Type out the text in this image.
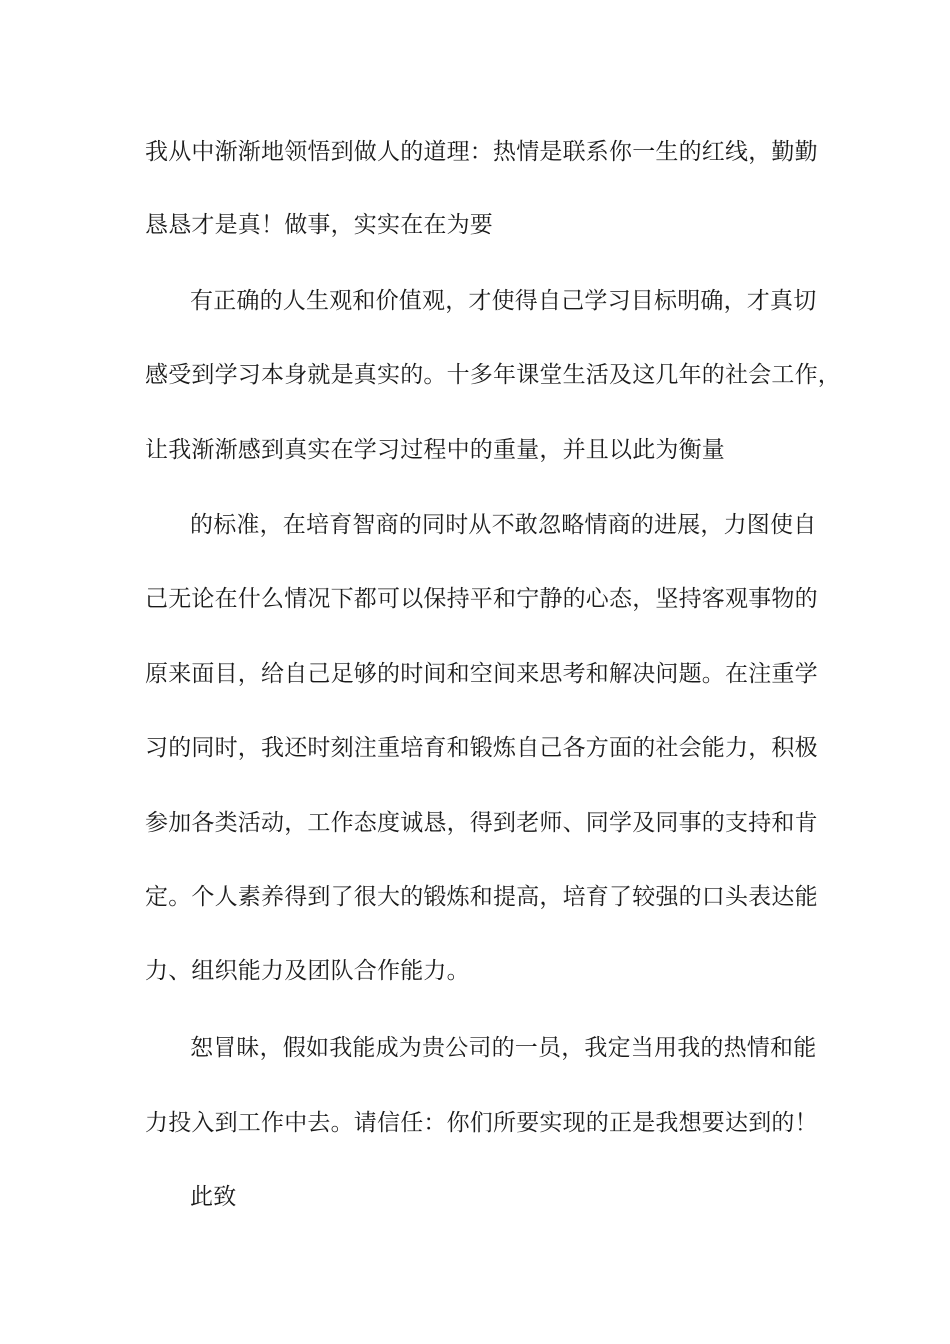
我从中渐渐地领悟到做人的道理：热情是联系你一生的红线，勤勤
恳恳才是真！做事，实实在在为要
有正确的人生观和价值观，才使得自己学习目标明确，才真切
感受到学习本身就是真实的。十多年课堂生活及这几年的社会工作，
让我渐渐感到真实在学习过程中的重量，并且以此为衡量
的标准，在培育智商的同时从不敢忽略情商的进展，力图使自
己无论在什么情况下都可以保持平和宁静的心态，坚持客观事物的
原来面目，给自己足够的时间和空间来思考和解决问题。在注重学
习的同时，我还时刻注重培育和锻炼自己各方面的社会能力，积极
参加各类活动，工作态度诚恳，得到老师、同学及同事的支持和肯
定。个人素养得到了很大的锻炼和提高，培育了较强的口头表达能
力、组织能力及团队合作能力。
恕冒昧，假如我能成为贵公司的一员，我定当用我的热情和能
力投入到工作中去。请信任：你们所要实现的正是我想要达到的！
此致
